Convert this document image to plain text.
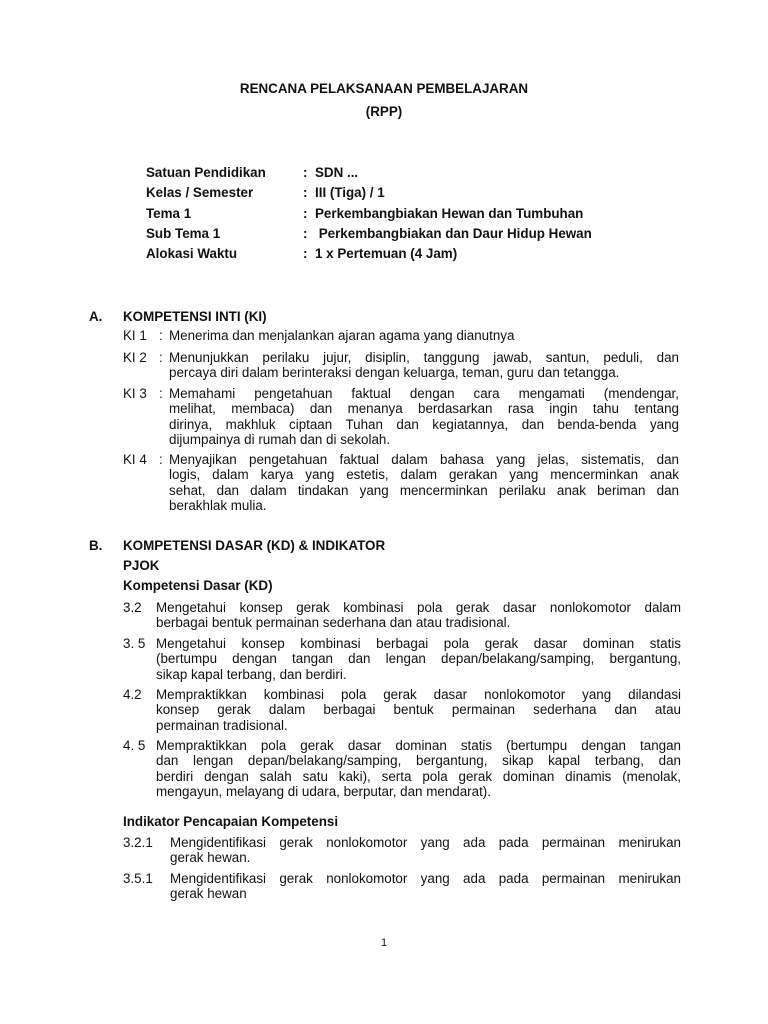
RENCANA PELAKSANAAN PEMBELAJARAN
(RPP)
Satuan Pendidikan	: SDN ...
Kelas / Semester	: III (Tiga) / 1
Tema 1	: Perkembangbiakan Hewan dan Tumbuhan
Sub Tema 1	: Perkembangbiakan dan Daur Hidup Hewan
Alokasi Waktu	: 1 x Pertemuan (4 Jam)
A. KOMPETENSI INTI (KI)
KI 1 : Menerima dan menjalankan ajaran agama yang dianutnya
KI 2 : Menunjukkan perilaku jujur, disiplin, tanggung jawab, santun, peduli, dan
percaya diri dalam berinteraksi dengan keluarga, teman, guru dan tetangga.
KI 3 : Memahami pengetahuan faktual dengan cara mengamati (mendengar,
melihat, membaca) dan menanya berdasarkan rasa ingin tahu tentang
dirinya, makhluk ciptaan Tuhan dan kegiatannya, dan benda-benda yang
dijumpainya di rumah dan di sekolah.
KI 4 : Menyajikan pengetahuan faktual dalam bahasa yang jelas, sistematis, dan
logis, dalam karya yang estetis, dalam gerakan yang mencerminkan anak
sehat, dan dalam tindakan yang mencerminkan perilaku anak beriman dan
berakhlak mulia.
B. KOMPETENSI DASAR (KD) & INDIKATOR
PJOK
Kompetensi Dasar (KD)
3.2 Mengetahui konsep gerak kombinasi pola gerak dasar nonlokomotor dalam
berbagai bentuk permainan sederhana dan atau tradisional.
3. 5 Mengetahui konsep kombinasi berbagai pola gerak dasar dominan statis
(bertumpu dengan tangan dan lengan depan/belakang/samping, bergantung,
sikap kapal terbang, dan berdiri.
4.2 Mempraktikkan kombinasi pola gerak dasar nonlokomotor yang dilandasi
konsep gerak dalam berbagai bentuk permainan sederhana dan atau
permainan tradisional.
4. 5 Mempraktikkan pola gerak dasar dominan statis (bertumpu dengan tangan
dan lengan depan/belakang/samping, bergantung, sikap kapal terbang, dan
berdiri dengan salah satu kaki), serta pola gerak dominan dinamis (menolak,
mengayun, melayang di udara, berputar, dan mendarat).
Indikator Pencapaian Kompetensi
3.2.1 Mengidentifikasi gerak nonlokomotor yang ada pada permainan menirukan
gerak hewan.
3.5.1 Mengidentifikasi gerak nonlokomotor yang ada pada permainan menirukan
gerak hewan
1
